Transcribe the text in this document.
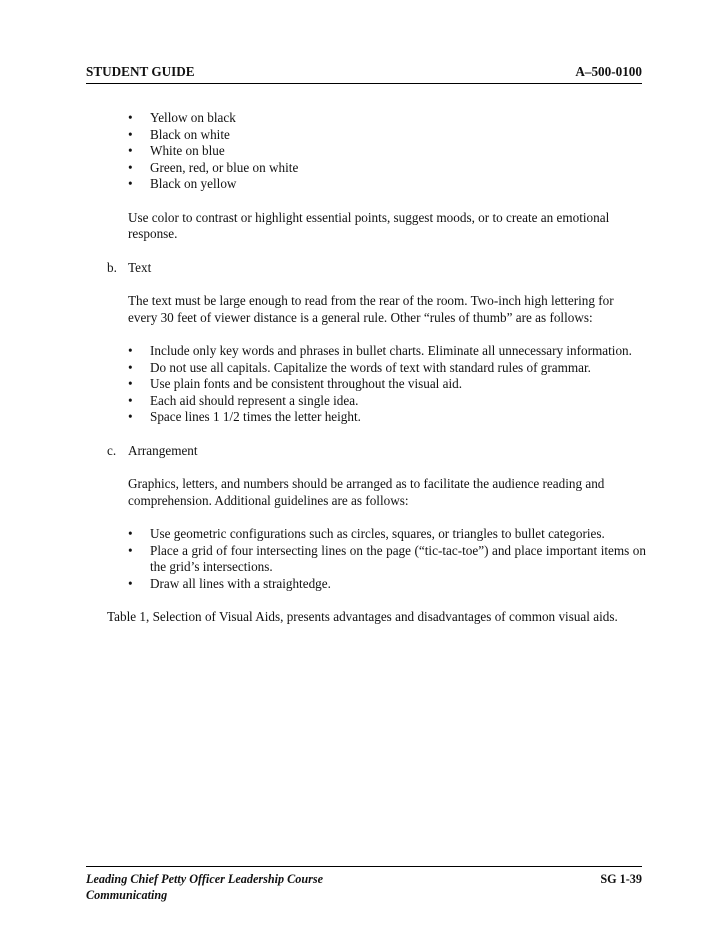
STUDENT GUIDE	A–500-0100
• Yellow on black
• Black on white
• White on blue
• Green, red, or blue on white
• Black on yellow

Use color to contrast or highlight essential points, suggest moods, or to create an emotional response.

b. Text

The text must be large enough to read from the rear of the room. Two-inch high lettering for every 30 feet of viewer distance is a general rule. Other “rules of thumb” are as follows:

• Include only key words and phrases in bullet charts. Eliminate all unnecessary information.
• Do not use all capitals. Capitalize the words of text with standard rules of grammar.
• Use plain fonts and be consistent throughout the visual aid.
• Each aid should represent a single idea.
• Space lines 1 1/2 times the letter height.
c. Arrangement

Graphics, letters, and numbers should be arranged as to facilitate the audience reading and comprehension. Additional guidelines are as follows:

• Use geometric configurations such as circles, squares, or triangles to bullet categories.
• Place a grid of four intersecting lines on the page (“tic-tac-toe”) and place important items on the grid’s intersections.
• Draw all lines with a straightedge.

Table 1, Selection of Visual Aids, presents advantages and disadvantages of common visual aids.

Leading Chief Petty Officer Leadership Course	SG 1-39
Communicating
